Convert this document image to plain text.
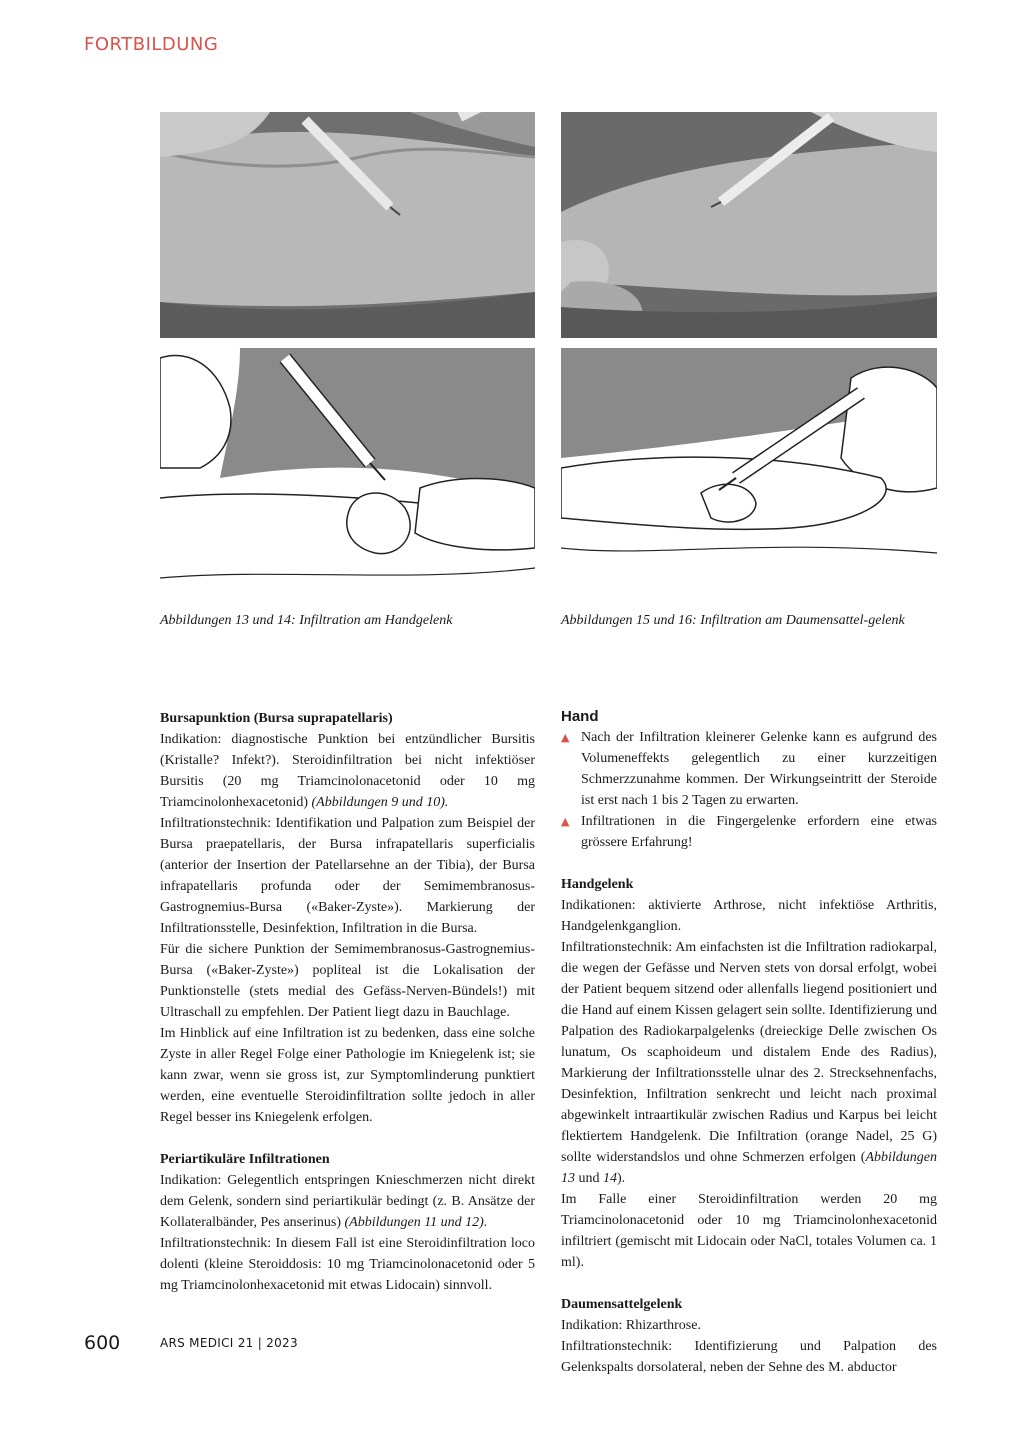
FORTBILDUNG
Abbildungen 13 und 14: Infiltration am Handgelenk	Abbildungen 15 und 16: Infiltration am Daumensattel-gelenk
Bursapunktion (Bursa suprapatellaris)

Indikation: diagnostische Punktion bei entzündlicher Bursitis (Kristalle? Infekt?). Steroidinfiltration bei nicht infektiöser Bursitis (20 mg Triamcinolonacetonid oder 10 mg Triamcinolonhexacetonid) (Abbildungen 9 und 10).

Infiltrationstechnik: Identifikation und Palpation zum Beispiel der Bursa praepatellaris, der Bursa infrapatellaris superficialis (anterior der Insertion der Patellarsehne an der Tibia), der Bursa infrapatellaris profunda oder der Semimembranosus-Gastrognemius-Bursa («Baker-Zyste»). Markierung der Infiltrationsstelle, Desinfektion, Infiltration in die Bursa.

Für die sichere Punktion der Semimembranosus-Gastrognemius-Bursa («Baker-Zyste») popliteal ist die Lokalisation der Punktionstelle (stets medial des Gefäss-Nerven-Bündels!) mit Ultraschall zu empfehlen. Der Patient liegt dazu in Bauchlage.

Im Hinblick auf eine Infiltration ist zu bedenken, dass eine solche Zyste in aller Regel Folge einer Pathologie im Kniegelenk ist; sie kann zwar, wenn sie gross ist, zur Symptomlinderung punktiert werden, eine eventuelle Steroidinfiltration sollte jedoch in aller Regel besser ins Kniegelenk erfolgen.

Periartikuläre Infiltrationen

Indikation: Gelegentlich entspringen Knieschmerzen nicht direkt dem Gelenk, sondern sind periartikulär bedingt (z. B. Ansätze der Kollateralbänder, Pes anserinus) (Abbildungen 11 und 12).

Infiltrationstechnik: In diesem Fall ist eine Steroidinfiltration loco dolenti (kleine Steroiddosis: 10 mg Triamcinolonacetonid oder 5 mg Triamcinolonhexacetonid mit etwas Lidocain) sinnvoll.

Hand
▲ Nach der Infiltration kleinerer Gelenke kann es aufgrund des Volumeneffekts gelegentlich zu einer kurzzeitigen Schmerzzunahme kommen. Der Wirkungseintritt der Steroide ist erst nach 1 bis 2 Tagen zu erwarten.
▲ Infiltrationen in die Fingergelenke erfordern eine etwas grössere Erfahrung!
Handgelenk

Indikationen: aktivierte Arthrose, nicht infektiöse Arthritis, Handgelenkganglion.

Infiltrationstechnik: Am einfachsten ist die Infiltration radiokarpal, die wegen der Gefässe und Nerven stets von dorsal erfolgt, wobei der Patient bequem sitzend oder allenfalls liegend positioniert und die Hand auf einem Kissen gelagert sein sollte. Identifizierung und Palpation des Radiokarpalgelenks (dreieckige Delle zwischen Os lunatum, Os scaphoideum und distalem Ende des Radius), Markierung der Infiltrationsstelle ulnar des 2. Strecksehnenfachs, Desinfektion, Infiltration senkrecht und leicht nach proximal abgewinkelt intraartikulär zwischen Radius und Karpus bei leicht flektiertem Handgelenk. Die Infiltration (orange Nadel, 25 G) sollte widerstandslos und ohne Schmerzen erfolgen (Abbildungen 13 und 14).

Im Falle einer Steroidinfiltration werden 20 mg Triamcinolonacetonid oder 10 mg Triamcinolonhexacetonid infiltriert (gemischt mit Lidocain oder NaCl, totales Volumen ca. 1 ml).

Daumensattelgelenk

Indikation: Rhizarthrose.

Infiltrationstechnik: Identifizierung und Palpation des Gelenkspalts dorsolateral, neben der Sehne des M. abductor

600	ARS MEDICI 21 | 2023
